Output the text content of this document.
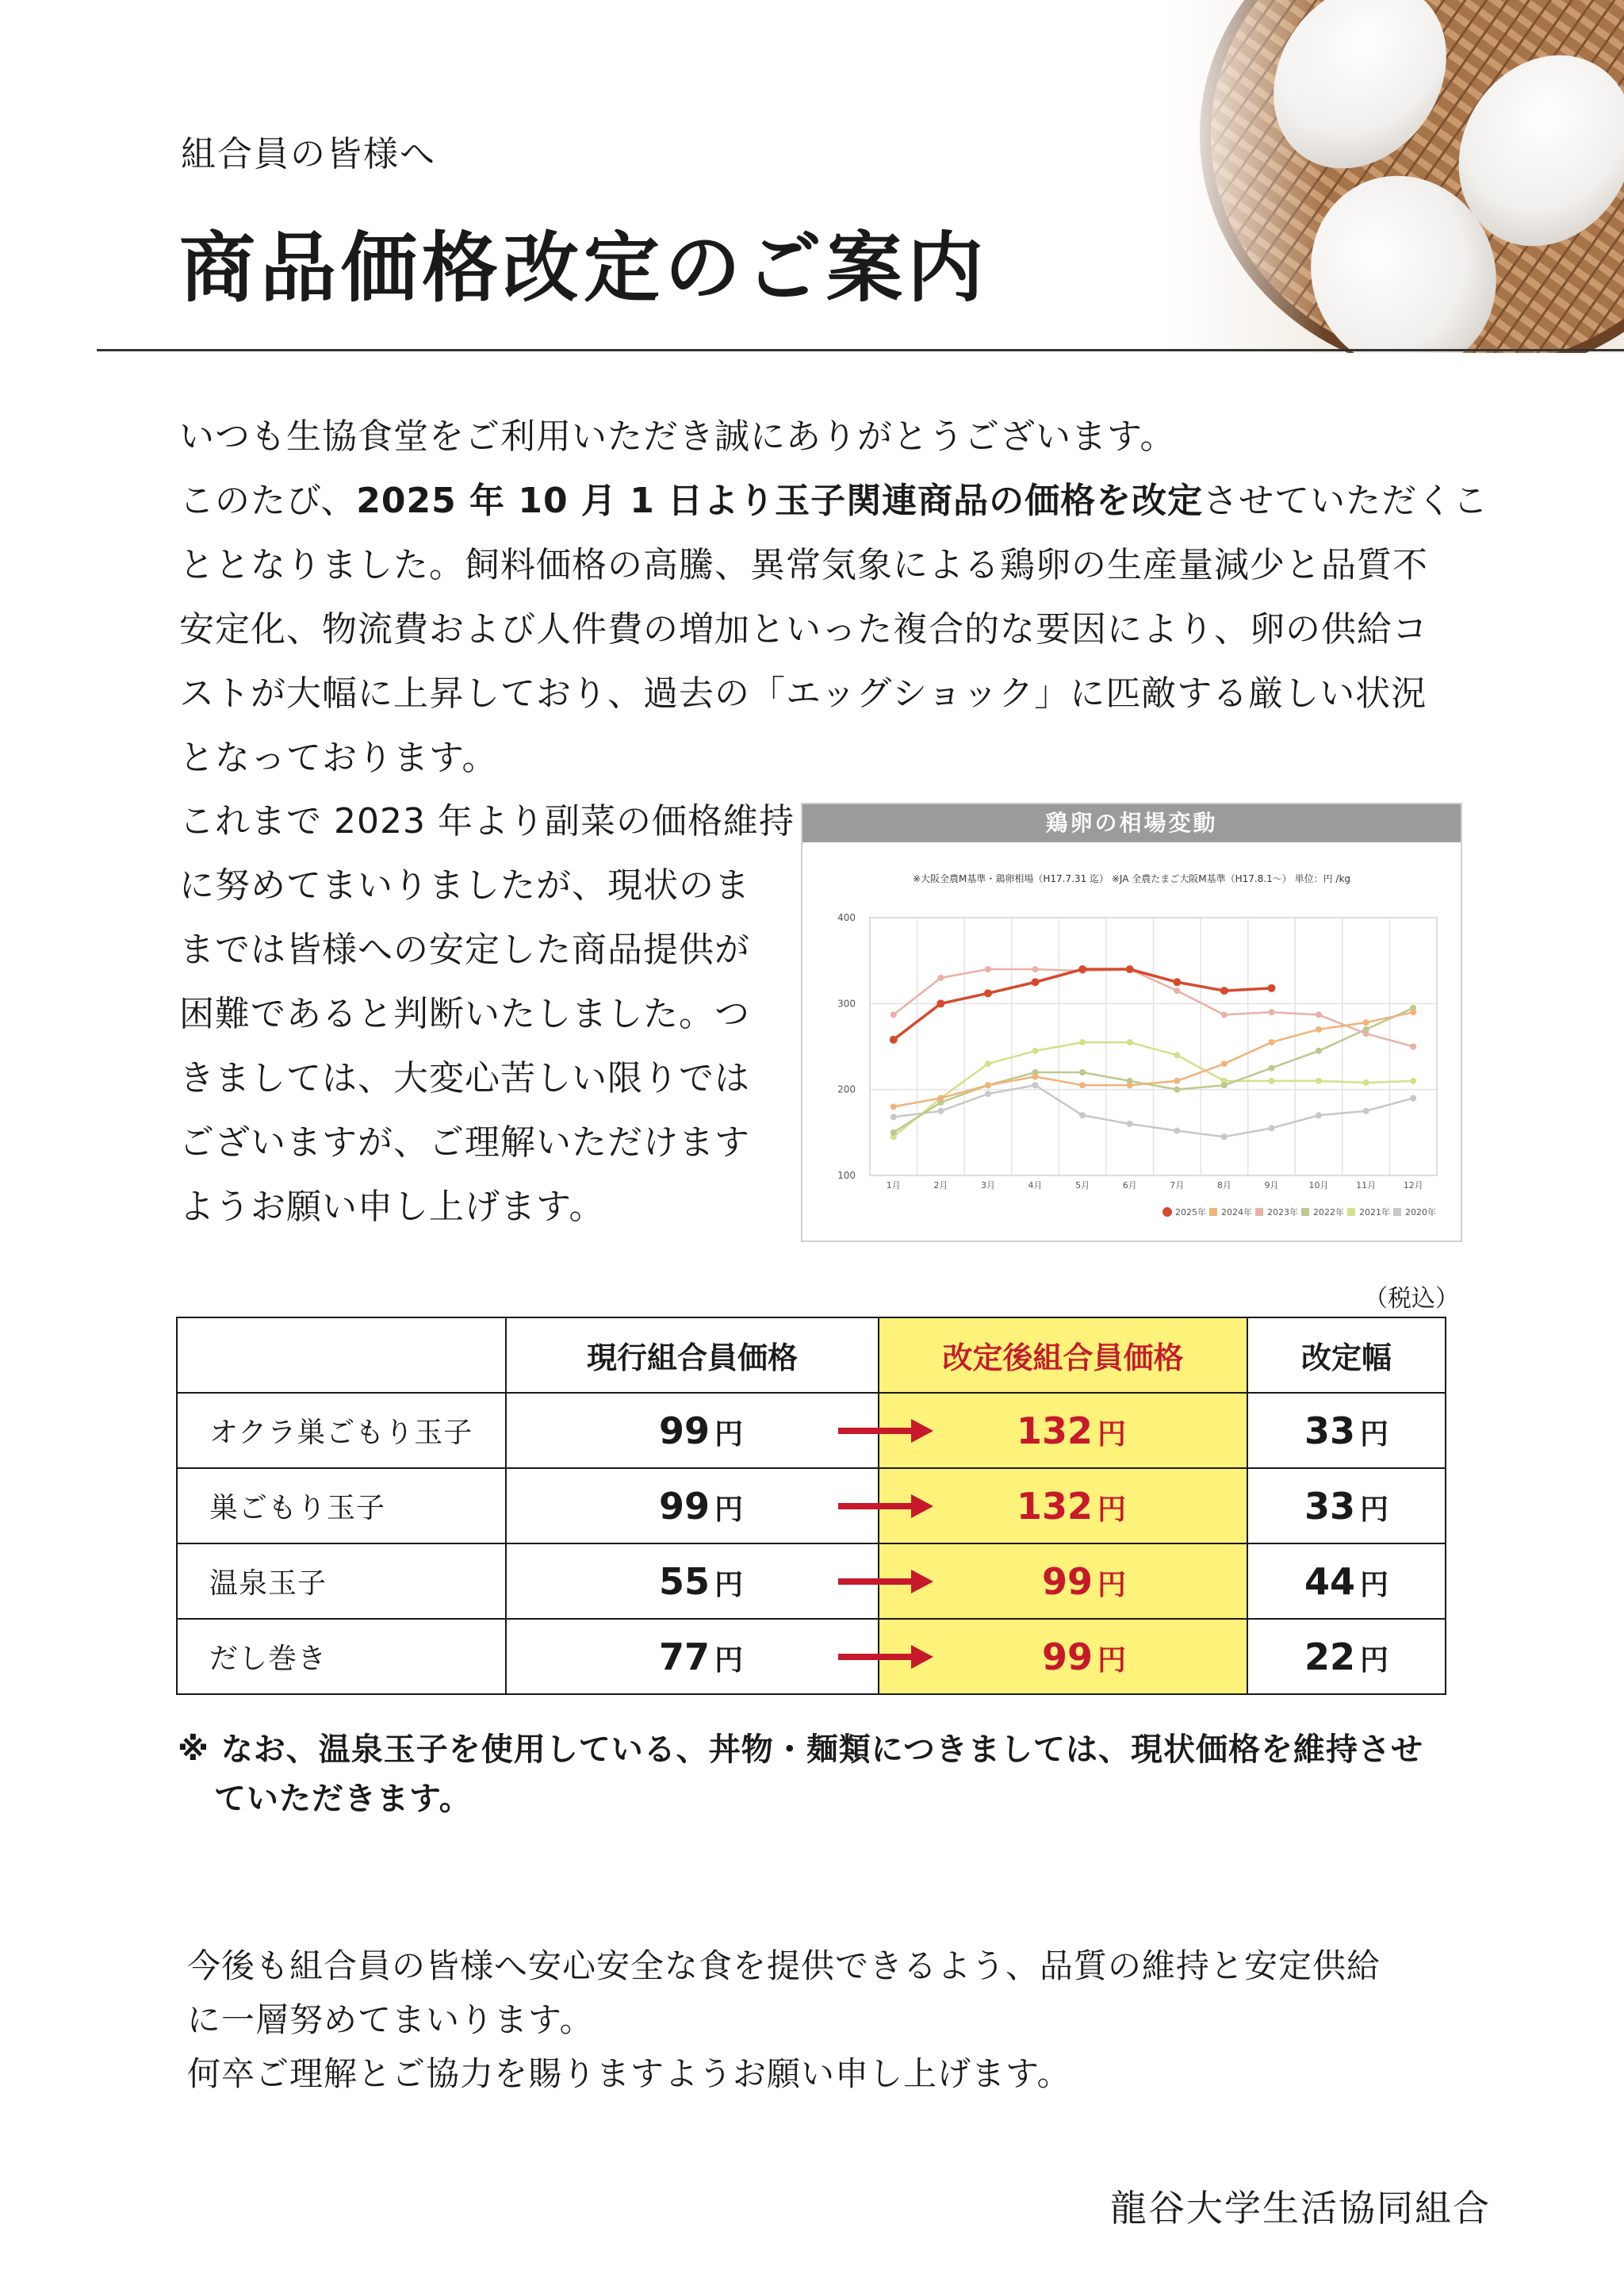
組合員の皆様へ
商品価格改定のご案内

いつも生協食堂をご利用いただき誠にありがとうございます。

このたび、2025 年 10 月 1 日より玉子関連商品の価格を改定させていただくこ

ととなりました。飼料価格の高騰、異常気象による鶏卵の生産量減少と品質不

安定化、物流費および人件費の増加といった複合的な要因により、卵の供給コ

ストが大幅に上昇しており、過去の「エッグショック」に匹敵する厳しい状況

となっております。

これまで 2023 年より副菜の価格維持

に努めてまいりましたが、現状のま

までは皆様への安定した商品提供が

困難であると判断いたしました。つ

きましては、大変心苦しい限りでは

ございますが、ご理解いただけます

ようお願い申し上げます。

鶏卵の相場変動
※大阪全農M基準・鶏卵相場（H17.7.31 迄） ※JA 全農たまご大阪M基準（H17.8.1～） 単位：円 /kg
100
200
300
400
1月	2月	3月	4月	5月	6月	7月	8月	9月	10月	11月	12月
2025年 2024年 2023年 2022年 2021年 2020年
（税込）
	現行組合員価格	改定後組合員価格	改定幅
オクラ巣ごもり玉子	99 円	132 円	33 円
巣ごもり玉子	99 円	132 円	33 円
温泉玉子	55 円	99 円	44 円
だし巻き	77 円	99 円	22 円

※ なお、温泉玉子を使用している、丼物・麺類につきましては、現状価格を維持させ

ていただきます。

今後も組合員の皆様へ安心安全な食を提供できるよう、品質の維持と安定供給

に一層努めてまいります。

何卒ご理解とご協力を賜りますようお願い申し上げます。

龍谷大学生活協同組合
